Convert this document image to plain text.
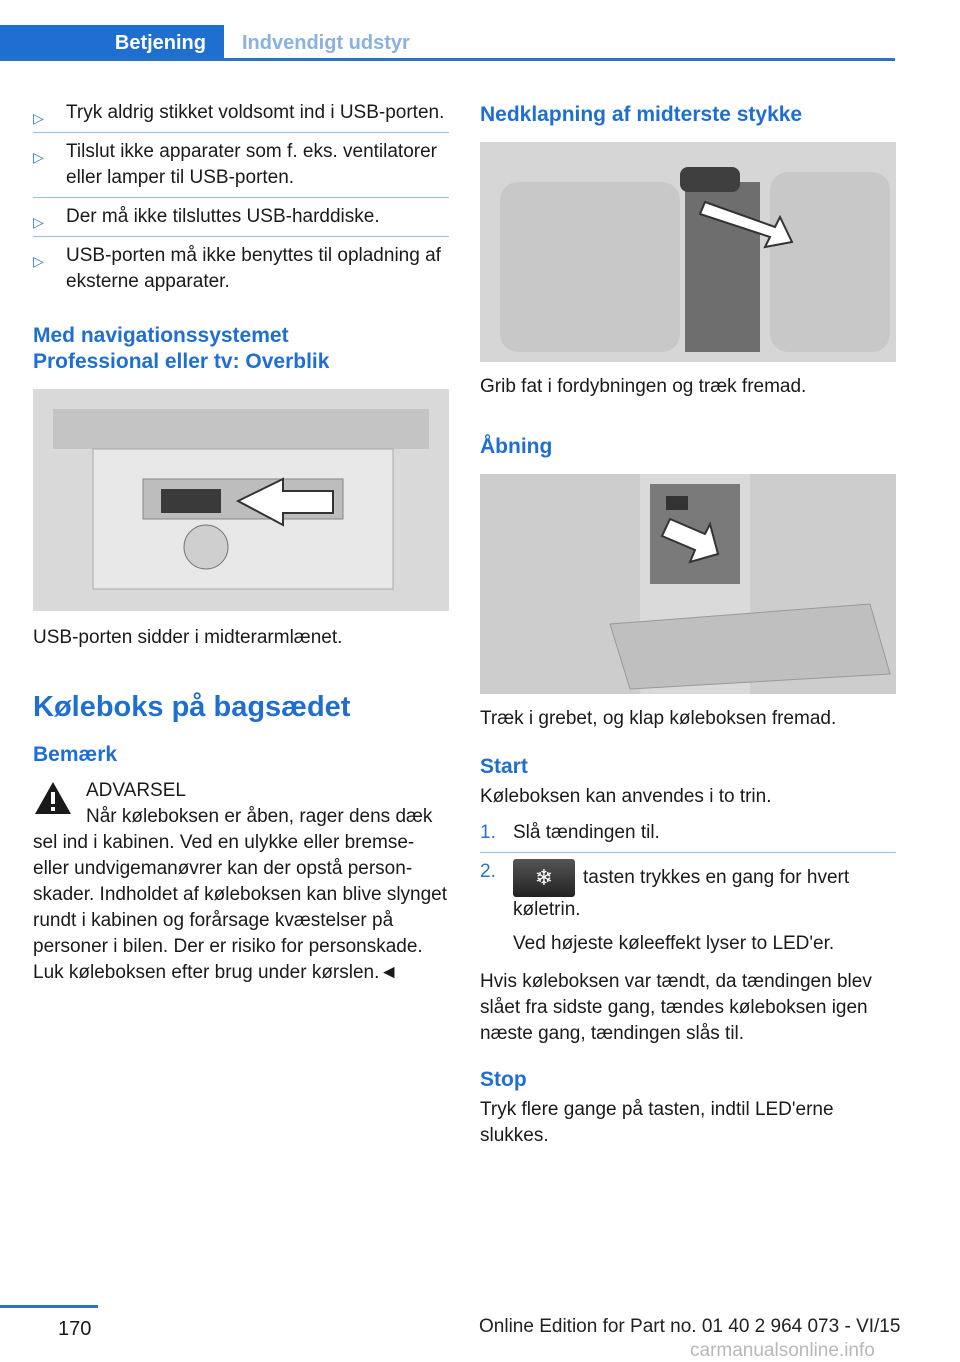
Betjening Indvendigt udstyr
▷ Tryk aldrig stikket voldsomt ind i USB-porten.
▷ Tilslut ikke apparater som f. eks. ventilatorer eller lamper til USB-porten.
▷ Der må ikke tilsluttes USB-harddiske.
▷ USB-porten må ikke benyttes til opladning af eksterne apparater.
Med navigationssystemet
Professional eller tv: Overblik

USB-porten sidder i midterarmlænet.

Køleboks på bagsædet
Bemærk
ADVARSEL
Når køleboksen er åben, rager dens dæk
sel ind i kabinen. Ved en ulykke eller bremse- eller undvigemanøvrer kan der opstå personskader. Indholdet af køleboksen kan blive slynget rundt i kabinen og forårsage kvæstelser på personer i bilen. Der er risiko for personskade. Luk køleboksen efter brug under kørslen.◄
Nedklapning af midterste stykke

Grib fat i fordybningen og træk fremad.

Åbning

Træk i grebet, og klap køleboksen fremad.

Start

Køleboksen kan anvendes i to trin.

1. Slå tændingen til.
2. ❄ tasten trykkes en gang for hvert køletrin.
Ved højeste køleeffekt lyser to LED'er.

Hvis køleboksen var tændt, da tændingen blev slået fra sidste gang, tændes køleboksen igen næste gang, tændingen slås til.

Stop

Tryk flere gange på tasten, indtil LED'erne slukkes.

170	Online Edition for Part no. 01 40 2 964 073 - VI/15
carmanualsonline.info
